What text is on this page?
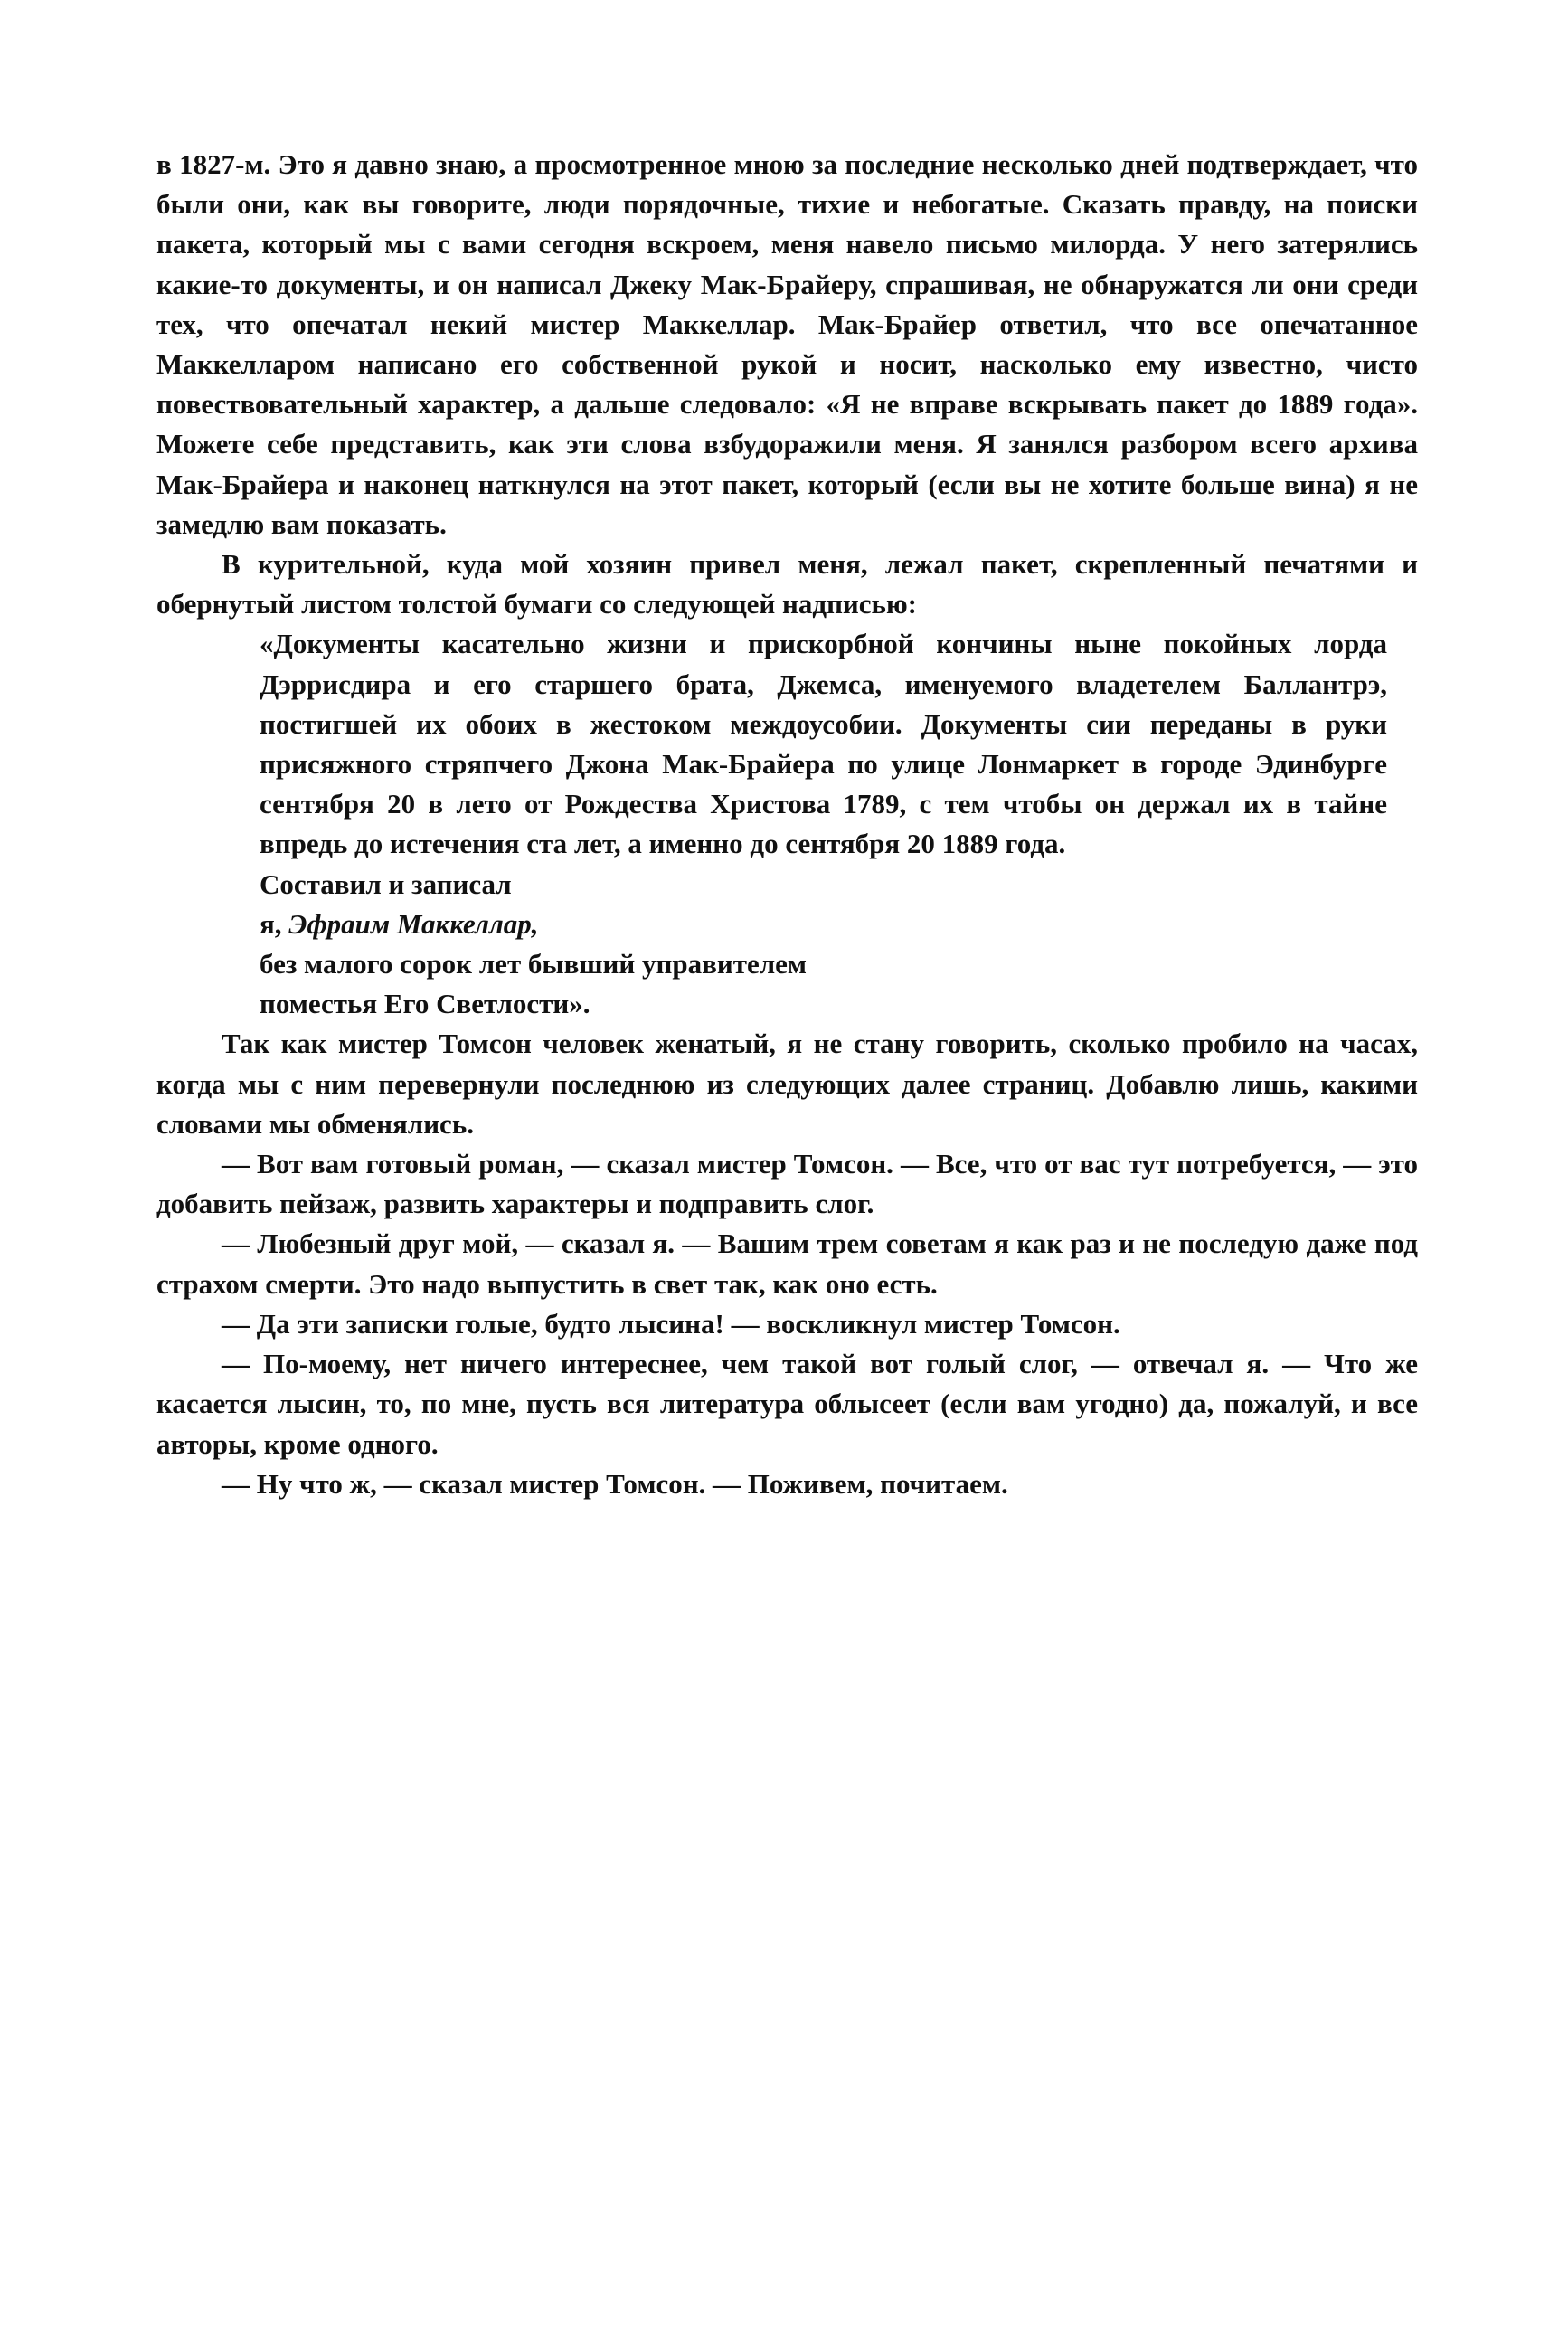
в 1827-м. Это я давно знаю, а просмотренное мною за последние несколько дней подтверждает, что были они, как вы говорите, люди порядочные, тихие и небогатые. Сказать правду, на поиски пакета, который мы с вами сегодня вскроем, меня навело письмо милорда. У него затерялись какие-то документы, и он написал Джеку Мак-Брайеру, спрашивая, не обнаружатся ли они среди тех, что опечатал некий мистер Маккеллар. Мак-Брайер ответил, что все опечатанное Маккелларом написано его собственной рукой и носит, насколько ему известно, чисто повествовательный характер, а дальше следовало: «Я не вправе вскрывать пакет до 1889 года». Можете себе представить, как эти слова взбудоражили меня. Я занялся разбором всего архива Мак-Брайера и наконец наткнулся на этот пакет, который (если вы не хотите больше вина) я не замедлю вам показать.

В курительной, куда мой хозяин привел меня, лежал пакет, скрепленный печатями и обернутый листом толстой бумаги со следующей надписью:

«Документы касательно жизни и прискорбной кончины ныне покойных лорда Дэррисдира и его старшего брата, Джемса, именуемого владетелем Баллантрэ, постигшей их обоих в жестоком междоусобии. Документы сии переданы в руки присяжного стряпчего Джона Мак-Брайера по улице Лонмаркет в городе Эдинбурге сентября 20 в лето от Рождества Христова 1789, с тем чтобы он держал их в тайне впредь до истечения ста лет, а именно до сентября 20 1889 года.

Составил и записал
я, Эфраим Маккеллар,
без малого сорок лет бывший управителем
поместья Его Светлости».

Так как мистер Томсон человек женатый, я не стану говорить, сколько пробило на часах, когда мы с ним перевернули последнюю из следующих далее страниц. Добавлю лишь, какими словами мы обменялись.

— Вот вам готовый роман, — сказал мистер Томсон. — Все, что от вас тут потребуется, — это добавить пейзаж, развить характеры и подправить слог.

— Любезный друг мой, — сказал я. — Вашим трем советам я как раз и не последую даже под страхом смерти. Это надо выпустить в свет так, как оно есть.

— Да эти записки голые, будто лысина! — воскликнул мистер Томсон.

— По-моему, нет ничего интереснее, чем такой вот голый слог, — отвечал я. — Что же касается лысин, то, по мне, пусть вся литература облысеет (если вам угодно) да, пожалуй, и все авторы, кроме одного.

— Ну что ж, — сказал мистер Томсон. — Поживем, почитаем.
